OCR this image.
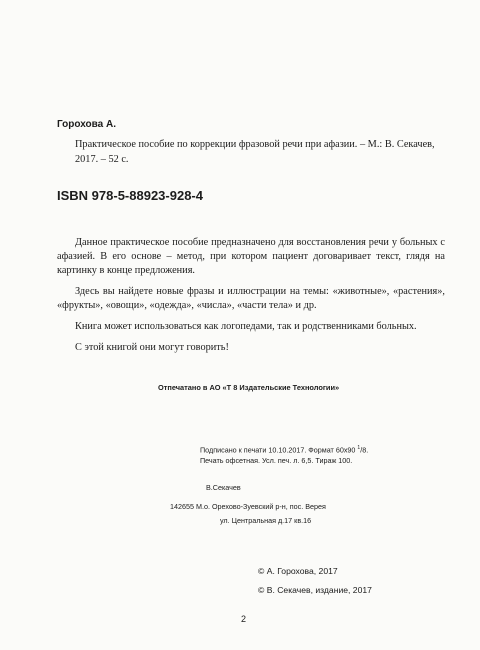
Горохова А.
Практическое пособие по коррекции фразовой речи при афазии. – М.: В. Секачев,
2017. – 52 с.
ISBN 978-5-88923-928-4

Данное практическое пособие предназначено для восстановления речи у больных с афазией. В его основе – метод, при котором пациент договаривает текст, глядя на картинку в конце предложения.

Здесь вы найдете новые фразы и иллюстрации на темы: «животные», «растения», «фрукты», «овощи», «одежда», «числа», «части тела» и др.

Книга может использоваться как логопедами, так и родственниками больных.

С этой книгой они могут говорить!

Отпечатано в АО «Т 8 Издательские Технологии»
Подписано к печати 10.10.2017. Формат 60x90 $^1$/8.
Печать офсетная. Усл. печ. л. 6,5. Тираж 100.
В.Секачев
142655 М.о. Орехово-Зуевский р-н, пос. Верея
ул. Центральная д.17 кв.16
© А. Горохова, 2017
© В. Секачев, издание, 2017
2
